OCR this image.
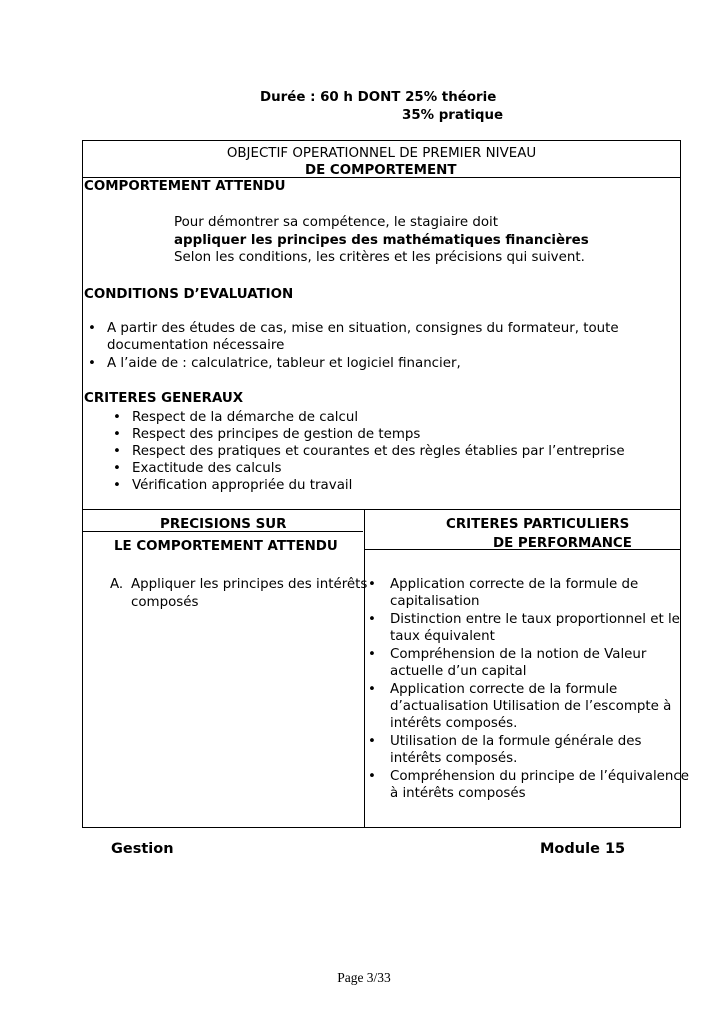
Durée : 60 h DONT 25% théorie
35% pratique
OBJECTIF OPERATIONNEL DE PREMIER NIVEAU
DE COMPORTEMENT
COMPORTEMENT ATTENDU
Pour démontrer sa compétence, le stagiaire doit
appliquer les principes des mathématiques financières
Selon les conditions, les critères et les précisions qui suivent.
CONDITIONS D’EVALUATION
• A partir des études de cas, mise en situation, consignes du formateur, toute
documentation nécessaire
• A l’aide de : calculatrice, tableur et logiciel financier,
CRITERES GENERAUX
• Respect de la démarche de calcul
• Respect des principes de gestion de temps
• Respect des pratiques et courantes et des règles établies par l’entreprise
• Exactitude des calculs
• Vérification appropriée du travail
PRECISIONS SUR
LE COMPORTEMENT ATTENDU
CRITERES PARTICULIERS
DE PERFORMANCE
A. Appliquer les principes des intérêts
composés
• Application correcte de la formule de
capitalisation
• Distinction entre le taux proportionnel et le
taux équivalent
• Compréhension de la notion de Valeur
actuelle d’un capital
• Application correcte de la formule
d’actualisation Utilisation de l’escompte à
intérêts composés.
• Utilisation de la formule générale des
intérêts composés.
• Compréhension du principe de l’équivalence
à intérêts composés
Gestion	Module 15
Page 3/33
